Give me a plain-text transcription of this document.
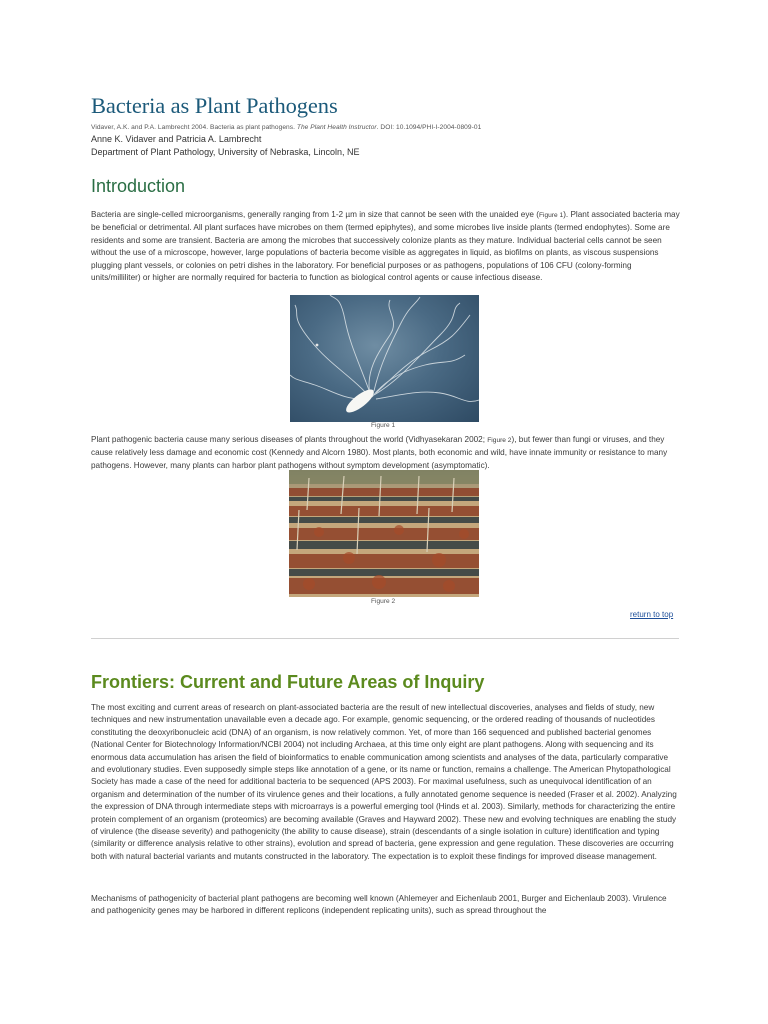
Bacteria as Plant Pathogens
Vidaver, A.K. and P.A. Lambrecht 2004. Bacteria as plant pathogens. The Plant Health Instructor. DOI: 10.1094/PHI-I-2004-0809-01
Anne K. Vidaver and Patricia A. Lambrecht
Department of Plant Pathology, University of Nebraska, Lincoln, NE
Introduction

Bacteria are single-celled microorganisms, generally ranging from 1-2 µm in size that cannot be seen with the unaided eye (Figure 1). Plant associated bacteria may be beneficial or detrimental. All plant surfaces have microbes on them (termed epiphytes), and some microbes live inside plants (termed endophytes). Some are residents and some are transient. Bacteria are among the microbes that successively colonize plants as they mature. Individual bacterial cells cannot be seen without the use of a microscope, however, large populations of bacteria become visible as aggregates in liquid, as biofilms on plants, as viscous suspensions plugging plant vessels, or colonies on petri dishes in the laboratory. For beneficial purposes or as pathogens, populations of 106 CFU (colony-forming units/milliliter) or higher are normally required for bacteria to function as biological control agents or cause infectious disease.

Figure 1

Plant pathogenic bacteria cause many serious diseases of plants throughout the world (Vidhyasekaran 2002; Figure 2), but fewer than fungi or viruses, and they cause relatively less damage and economic cost (Kennedy and Alcorn 1980). Most plants, both economic and wild, have innate immunity or resistance to many pathogens. However, many plants can harbor plant pathogens without symptom development (asymptomatic).

Figure 2
return to top
Frontiers: Current and Future Areas of Inquiry

The most exciting and current areas of research on plant-associated bacteria are the result of new intellectual discoveries, analyses and fields of study, new techniques and new instrumentation unavailable even a decade ago. For example, genomic sequencing, or the ordered reading of thousands of nucleotides constituting the deoxyribonucleic acid (DNA) of an organism, is now relatively common. Yet, of more than 166 sequenced and published bacterial genomes (National Center for Biotechnology Information/NCBI 2004) not including Archaea, at this time only eight are plant pathogens. Along with sequencing and its enormous data accumulation has arisen the field of bioinformatics to enable communication among scientists and analyses of the data, particularly comparative and evolutionary studies. Even supposedly simple steps like annotation of a gene, or its name or function, remains a challenge. The American Phytopathological Society has made a case of the need for additional bacteria to be sequenced (APS 2003). For maximal usefulness, such as unequivocal identification of an organism and determination of the number of its virulence genes and their locations, a fully annotated genome sequence is needed (Fraser et al. 2002). Analyzing the expression of DNA through intermediate steps with microarrays is a powerful emerging tool (Hinds et al. 2003). Similarly, methods for characterizing the entire protein complement of an organism (proteomics) are becoming available (Graves and Hayward 2002). These new and evolving techniques are enabling the study of virulence (the disease severity) and pathogenicity (the ability to cause disease), strain (descendants of a single isolation in culture) identification and typing (similarity or difference analysis relative to other strains), evolution and spread of bacteria, gene expression and gene regulation. These discoveries are occurring both with natural bacterial variants and mutants constructed in the laboratory. The expectation is to exploit these findings for improved disease management.

Mechanisms of pathogenicity of bacterial plant pathogens are becoming well known (Ahlemeyer and Eichenlaub 2001, Burger and Eichenlaub 2003). Virulence and pathogenicity genes may be harbored in different replicons (independent replicating units), such as spread throughout the
